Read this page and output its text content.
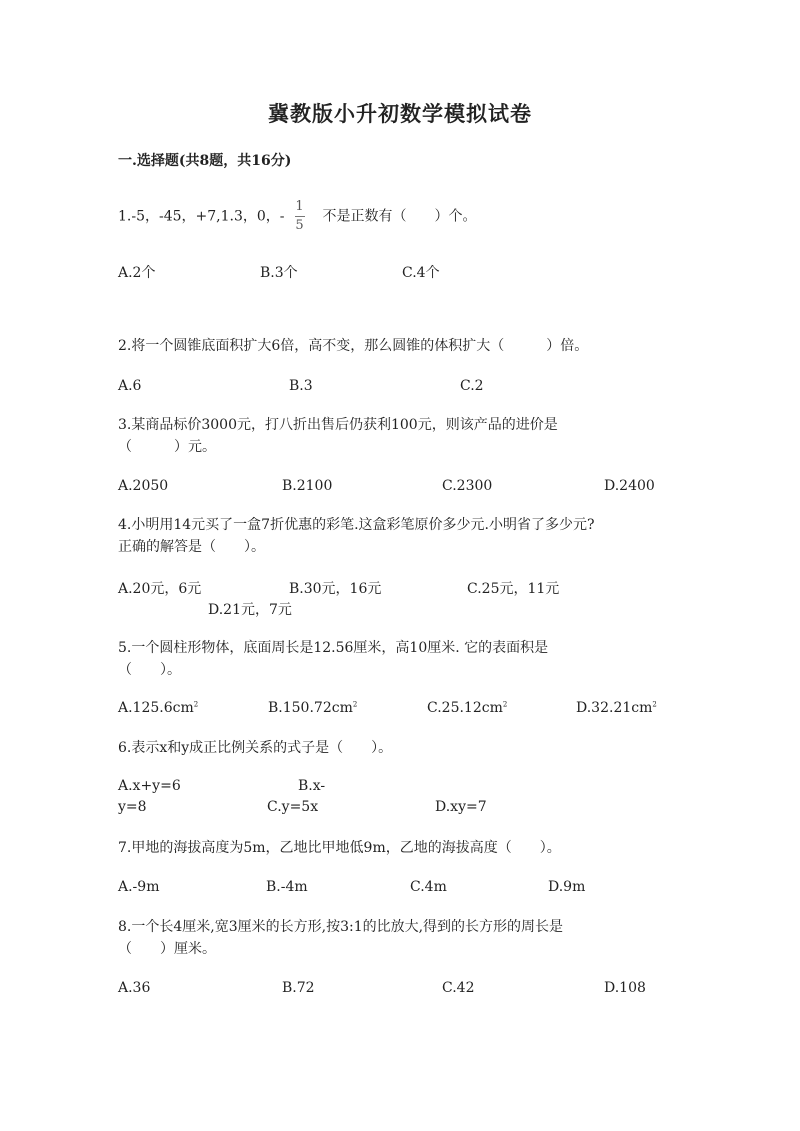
冀教版小升初数学模拟试卷
一.选择题(共8题，共16分)
1.-5，-45，+7,1.3，0，- $\frac{1}{5}$ 不是正数有（　　）个。
A.2个	B.3个	C.4个
2.将一个圆锥底面积扩大6倍，高不变，那么圆锥的体积扩大（　　　）倍。
A.6	B.3	C.2
3.某商品标价3000元，打八折出售后仍获利100元，则该产品的进价是
（　　　）元。
A.2050	B.2100	C.2300	D.2400
4.小明用14元买了一盒7折优惠的彩笔.这盒彩笔原价多少元.小明省了多少元?
正确的解答是（　　）。
A.20元，6元	B.30元，16元	C.25元，11元
D.21元，7元
5.一个圆柱形物体，底面周长是12.56厘米，高10厘米. 它的表面积是
（　　）。
$A.125.6cm^2$	$B.150.72cm^2$	$C.25.12cm^2$	$D.32.21cm^2$
6.表示x和y成正比例关系的式子是（　　）。
A.x+y=6	B.x-
y=8	C.y=5x	D.xy=7
7.甲地的海拔高度为5m，乙地比甲地低9m，乙地的海拔高度（　　）。
A.-9m	B.-4m	C.4m	D.9m
8.一个长4厘米,宽3厘米的长方形,按3:1的比放大,得到的长方形的周长是
（　　）厘米。
A.36	B.72	C.42	D.108
